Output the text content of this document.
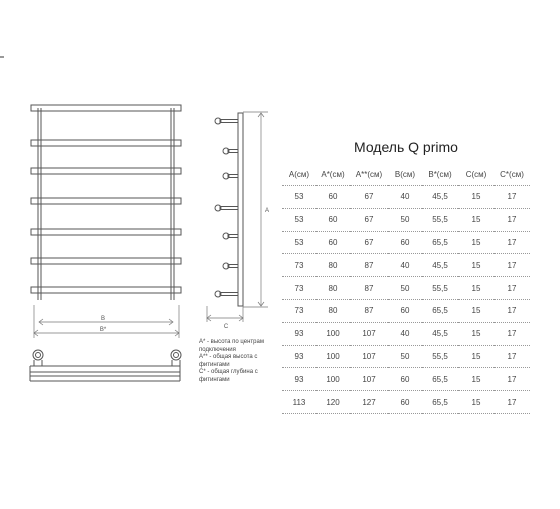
B
B*
A
C
Модель Q primo
A(см)	A*(см)	A**(см)	B(см)	B*(см)	C(см)	C*(см)
53	60	67	40	45,5	15	17
53	60	67	50	55,5	15	17
53	60	67	60	65,5	15	17
73	80	87	40	45,5	15	17
73	80	87	50	55,5	15	17
73	80	87	60	65,5	15	17
93	100	107	40	45,5	15	17
93	100	107	50	55,5	15	17
93	100	107	60	65,5	15	17
113	120	127	60	65,5	15	17

A* - высота по центрам подключения

A** - общая высота с фитингами

C* - общая глубина с фитингами
